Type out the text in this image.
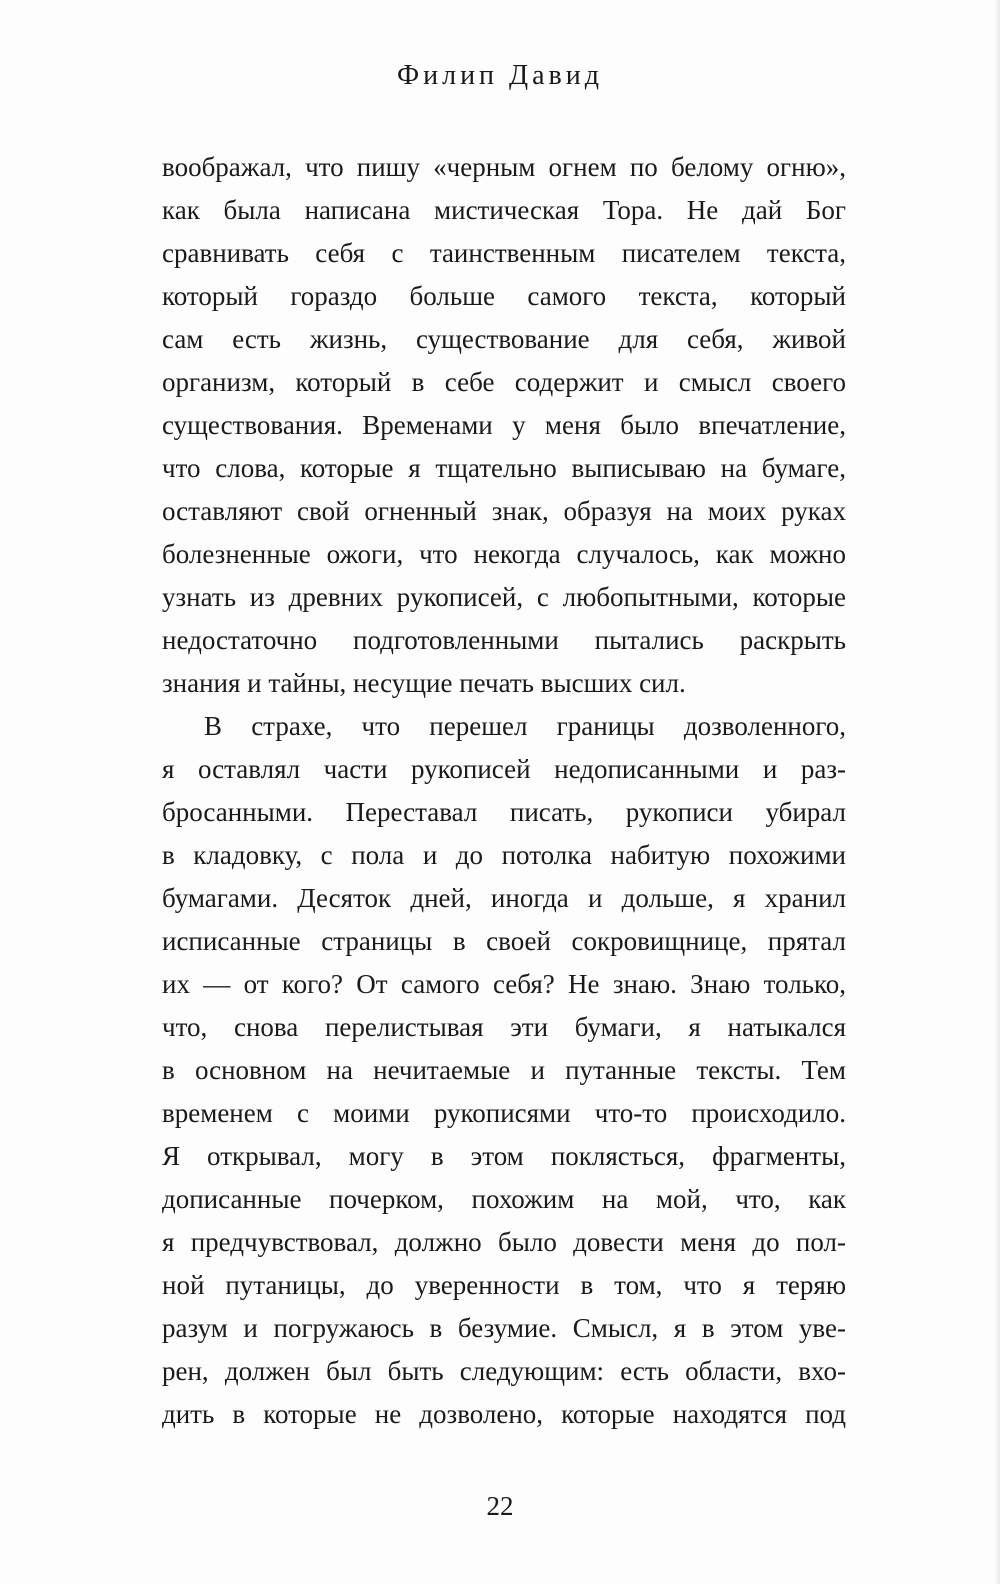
Филип Давид
воображал, что пишу «черным огнем по белому огню»,
как была написана мистическая Тора. Не дай Бог
сравнивать себя с таинственным писателем текста,
который гораздо больше самого текста, который
сам есть жизнь, существование для себя, живой
организм, который в себе содержит и смысл своего
существования. Временами у меня было впечатление,
что слова, которые я тщательно выписываю на бумаге,
оставляют свой огненный знак, образуя на моих руках
болезненные ожоги, что некогда случалось, как можно
узнать из древних рукописей, с любопытными, которые
недостаточно подготовленными пытались раскрыть
знания и тайны, несущие печать высших сил.
В страхе, что перешел границы дозволенного,
я оставлял части рукописей недописанными и раз-
бросанными. Переставал писать, рукописи убирал
в кладовку, с пола и до потолка набитую похожими
бумагами. Десяток дней, иногда и дольше, я хранил
исписанные страницы в своей сокровищнице, прятал
их — от кого? От самого себя? Не знаю. Знаю только,
что, снова перелистывая эти бумаги, я натыкался
в основном на нечитаемые и путанные тексты. Тем
временем с моими рукописями что-то происходило.
Я открывал, могу в этом поклясться, фрагменты,
дописанные почерком, похожим на мой, что, как
я предчувствовал, должно было довести меня до пол-
ной путаницы, до уверенности в том, что я теряю
разум и погружаюсь в безумие. Смысл, я в этом уве-
рен, должен был быть следующим: есть области, вхо-
дить в которые не дозволено, которые находятся под
22
